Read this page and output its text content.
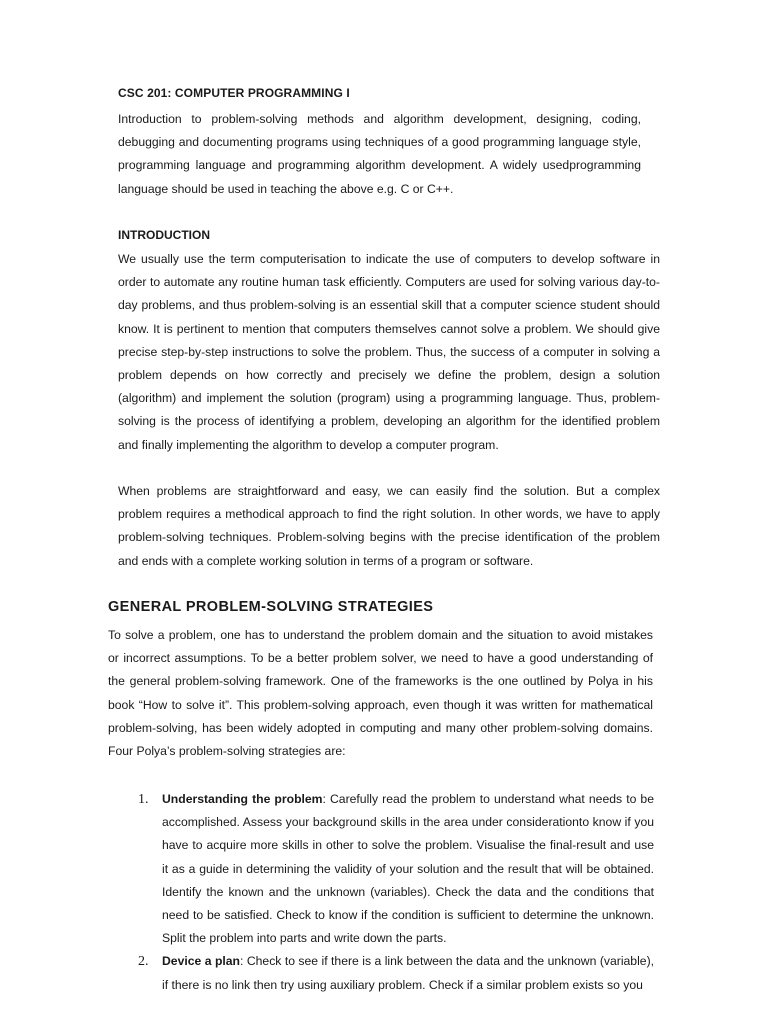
CSC 201: COMPUTER PROGRAMMING I
Introduction to problem-solving methods and algorithm development, designing, coding, debugging and documenting programs using techniques of a good programming language style, programming language and programming algorithm development. A widely usedprogramming language should be used in teaching the above e.g. C or C++.
INTRODUCTION
We usually use the term computerisation to indicate the use of computers to develop software in order to automate any routine human task efficiently. Computers are used for solving various day-to-day problems, and thus problem-solving is an essential skill that a computer science student should know. It is pertinent to mention that computers themselves cannot solve a problem. We should give precise step-by-step instructions to solve the problem. Thus, the success of a computer in solving a problem depends on how correctly and precisely we define the problem, design a solution (algorithm) and implement the solution (program) using a programming language. Thus, problem-solving is the process of identifying a problem, developing an algorithm for the identified problem and finally implementing the algorithm to develop a computer program.
When problems are straightforward and easy, we can easily find the solution. But a complex problem requires a methodical approach to find the right solution. In other words, we have to apply problem-solving techniques. Problem-solving begins with the precise identification of the problem and ends with a complete working solution in terms of a program or software.
GENERAL PROBLEM-SOLVING STRATEGIES
To solve a problem, one has to understand the problem domain and the situation to avoid mistakes or incorrect assumptions. To be a better problem solver, we need to have a good understanding of the general problem-solving framework. One of the frameworks is the one outlined by Polya in his book “How to solve it”. This problem-solving approach, even though it was written for mathematical problem-solving, has been widely adopted in computing and many other problem-solving domains. Four Polya’s problem-solving strategies are:
1. Understanding the problem: Carefully read the problem to understand what needs to be accomplished. Assess your background skills in the area under considerationto know if you have to acquire more skills in other to solve the problem. Visualise the final-result and use it as a guide in determining the validity of your solution and the result that will be obtained. Identify the known and the unknown (variables). Check the data and the conditions that need to be satisfied. Check to know if the condition is sufficient to determine the unknown. Split the problem into parts and write down the parts.
2. Device a plan: Check to see if there is a link between the data and the unknown (variable), if there is no link then try using auxiliary problem. Check if a similar problem exists so you
